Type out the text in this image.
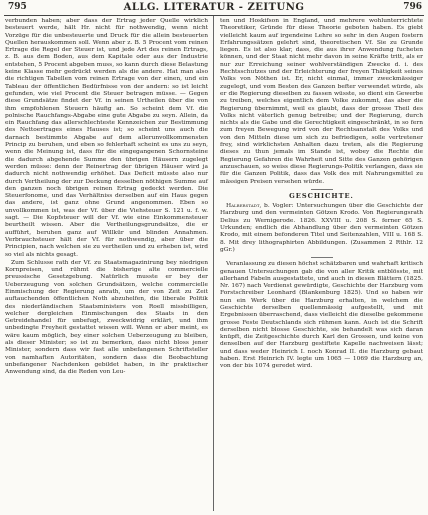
795	ALLG. LITERATUR - ZEITUNG	796

verbunden haben; aber dass der Ertrag jeder Quelle wirklich besteuert werde, hält Hr. nicht für nothwendig, wenn nicht Vorzüge für die unbesteuerte und Druck für die allein besteuerten Quellen herauskommen soll. Wenn aber z. B. 5 Procent vom reinen Ertrage die Regel der Steuer ist, und jede Art des reinen Ertrags, z. B. aus dem Boden, aus dem Kapitale oder aus der Industrie entstehen, 5 Procent abgeben muss, so kann durch diese Belastung keine Klasse mehr gedrückt werden als die andere. Hat man also die richtigen Tabellen vom reinen Ertrage von der einen, und ein Tableau der öffentlichen Bedürfnisse von der andern: so ist leicht gefunden, wie viel Procent die Steuer betragen müsse. — Gegen diese Grundsätze findet der Vf. in seinen Urtheilen über die von ihm empfohlenen Steuern häufig an. So scheint dem Vf. die polnische Rauchfangs-Abgabe eine gute Abgabe zu seyn. Allein, da ein Rauchfang das allerschlechteste Kennzeichen zur Bestimmung des Nettoertrages eines Hauses ist; so scheint uns auch die darnach bestimmte Abgabe auf dem allerunvollkommensten Princip zu beruhen, und eben so fehlerhaft scheint es uns zu seyn, wenn die Meinung ist, dass für die eingegangenen Schornsteine die dadurch abgehende Summe den übrigen Häusern zugelegt werden müsse: denn der Reinertrag der übrigen Häuser wird ja dadurch nicht nothwendig erhöhet. Das Deficit müsste also nur durch Vertheilung der zur Deckung desselben nöthigen Summe auf den ganzen noch übrigen reinen Ertrag gedeckt werden. Die Steuerfonome, und das Verhältniss derselben auf ein Haus gegen das andere, ist ganz ohne Grund angenommen. Eben so unvollkommen ist, was der Vf. über die Viehsteuer S. 121 u. f. w. sagt. — Die Kopfsteuer will der Vf. wie eine Einkommensteuer beurtheilt wissen. Aber die Vertheilungsgrundsätze, die er aufführt, beruhen ganz auf Willkür und blinden Annahmen. Verbrauchsteuer hält der Vf. für nothwendig, aber über die Principien, nach welchen sie zu vertheilen und zu erheben ist, wird so viel als nichts gesagt.

Zum Schlusse rath der Vf. zu Staatsmagazinirung bey niedrigen Kornpreisen, und rühmt die bisherige alte commercielle preussische Gesetzgebung. Natürlich musste er bey der Ueberzeugung von solchen Grundsätzen, welche commercielle Einmischung der Regierung anrath, um der von Zeit zu Zeit auftauchenden öffentlichen Noth abzuhelfen, die liberale Politik des niederländischen Staatsministers von Roell missbilligen, welcher dergleichen Einmischungen des Staats in den Getreidehandel für unbefugt, zweckwidrig erklärt, und ihm unbedingte Freyheit gestattet wissen will. Wenn er aber meint, es wäre kaum möglich, bey einer solchen Ueberzeugung zu bleiben, als dieser Minister; so ist zu bemerken, dass nicht bloss jener Minister, sondern dass wir fast alle unbefangenen Schriftsteller von namhaften Autoritäten, sondern dass die Beobachtung unbefangener Nachdenken gebildet haben, in ihr praktischer Anwendung sind, da die Reden von Leu-

ten und Hoskifson in England, und mehrere wohlunterrichtete Theoretiker, Gründe für diese Theorie geboten haben. Es giebt vielleicht kaum auf irgendeine Lehre so sehr in den Augen fostern Erfahrungssätzen gelehrt sind, theoretischen Vf. Sie zu Grunde liegen. Es ist also klar, dass, die aus ihrer Anwendung fucheten können, und der Staat nicht mehr davon in seine Kräfte tritt, als er nur zur Erreichung seiner wohlverständigen Zwecke d. i. des Rechtsschutzes und der Erleichterung der freyen Thätigkeit seines Volks von Nöthen ist. Er, nicht einmal, immer zweckmässiger zugelegt, und vom Besten des Ganzen befter verwendet würde, als er die Regierung dieselben zu fassen wüsste, so dient ein Gewerbe zu treiben, welches eigentlich dem Volke zukommt, das aber die Regierung übernimmt, weil es glaubt, dass der grosse Theil des Volks nicht väterlich genug betreibe; und der Regierung, durch nichts als die Gabe und die Gerechtigkeit eingeschränkt, in so fern zum freyen Bewegung wird von der Rechtsanstalt des Volks und von den Mitteln diese um sich zu befriedigen, solle vertretener frey, sind wirklichsten Anhalten dazu treten, als die Regierung dieses zu thun jemals im Stande ist, wobey die Rechte die Regierung Gefahren die Wahrheit und Sitte des Ganzen gehörigen anzuschauen, so weiss diese Regierungs-Politik verlangen, dass sie für die Ganzen Politik, dass das Volk des mit Nahrungsmittel zu mässigen Preisen versehen würde.

GESCHICHTE.

Halberstadt, b. Vogler: Untersuchungen über die Geschichte der Harzburg und den vermeinten Götzen Krodo. Von Regierungsrath Delius zu Wernigerode. 1826. XXVIII u. 208 S. ferner 65 S. Urkunden; endlich die Abhandlung über den vermeinten Götzen Krodo, mit einem befonderen Titel und Seitenzahlen, VIII u. 168 S. 8. Mit drey lithographirten Abbildungen. (Zusammen 2 Rthlr. 12 gGr.)

Veranlassung zu diesen höchst schätzbaren und wahrhaft kritisch genauen Untersuchungen gab die von aller Kritik entblösste, mit allerhand Fabeln ausgestattete, und auch in diesen Blättern (1825. Nr. 167) nach Verdienst gewürdigte, Geschichte der Harzburg vom Forstschreiber Leonhard (Blankenburg 1825). Und so haben wir nun ein Werk über die Harzburg erhalten, in welchem die Geschichte derselben quellenmässig aufgestellt, und mit Ergebnissen überraschend, dass vielleicht die dieselbe gekommene grosse Feste Deutschlands sich rühmen kann. Auch ist die Schrift derselben nicht blosse Geschichte, sie behandelt was sich daran knüpft, die Zeitgeschichte durch Karl den Grossen, und keine von denselben auf der Harzburg gestiftete Kapelle nachweisen lässt; und dass weder Heinrich I. noch Konrad II. die Harzburg gebaut haben. Erst Heinrich IV. legte um 1065 — 1069 die Harzburg an, von der bis 1074 geredet wird.
